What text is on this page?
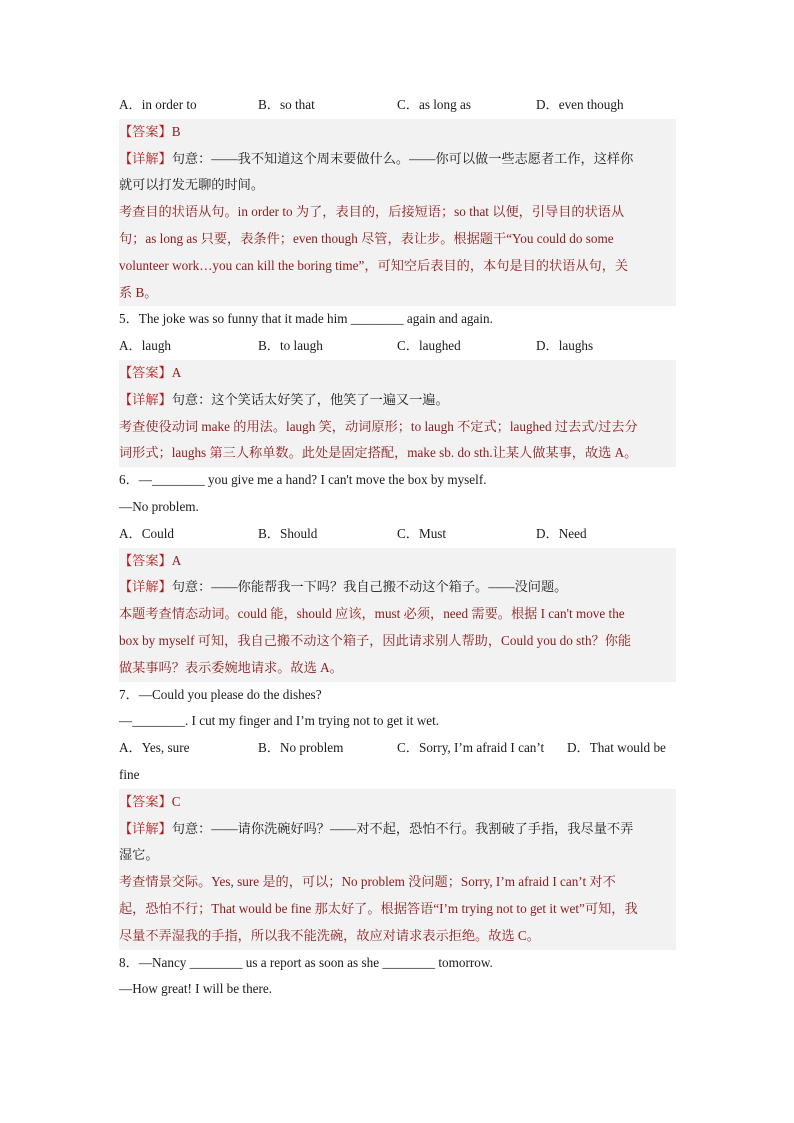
A．in order to	B．so that	C．as long as	D．even though
【答案】B
【详解】句意：——我不知道这个周末要做什么。——你可以做一些志愿者工作，这样你
就可以打发无聊的时间。
考查目的状语从句。in order to 为了，表目的，后接短语；so that 以便，引导目的状语从
句；as long as 只要，表条件；even though 尽管，表让步。根据题干“You could do some
volunteer work…you can kill the boring time”，可知空后表目的，本句是目的状语从句，关
系 B。
5．The joke was so funny that it made him ________ again and again.
A．laugh	B．to laugh	C．laughed	D．laughs
【答案】A
【详解】句意：这个笑话太好笑了，他笑了一遍又一遍。
考查使役动词 make 的用法。laugh 笑，动词原形；to laugh 不定式；laughed 过去式/过去分
词形式；laughs 第三人称单数。此处是固定搭配，make sb. do sth.让某人做某事，故选 A。
6．—________ you give me a hand? I can't move the box by myself.
—No problem.
A．Could	B．Should	C．Must	D．Need
【答案】A
【详解】句意：——你能帮我一下吗？我自己搬不动这个箱子。——没问题。
本题考查情态动词。could 能，should 应该，must 必须，need 需要。根据 I can't move the
box by myself 可知，我自己搬不动这个箱子，因此请求别人帮助，Could you do sth？你能
做某事吗？表示委婉地请求。故选 A。
7．—Could you please do the dishes?
—________. I cut my finger and I’m trying not to get it wet.
A．Yes, sure	B．No problem	C．Sorry, I’m afraid I can’t D．That would be
fine
【答案】C
【详解】句意：——请你洗碗好吗？——对不起，恐怕不行。我割破了手指，我尽量不弄
湿它。
考查情景交际。Yes, sure 是的，可以；No problem 没问题；Sorry, I’m afraid I can’t 对不
起，恐怕不行；That would be fine 那太好了。根据答语“I’m trying not to get it wet”可知，我
尽量不弄湿我的手指，所以我不能洗碗，故应对请求表示拒绝。故选 C。
8．—Nancy ________ us a report as soon as she ________ tomorrow.
—How great! I will be there.
